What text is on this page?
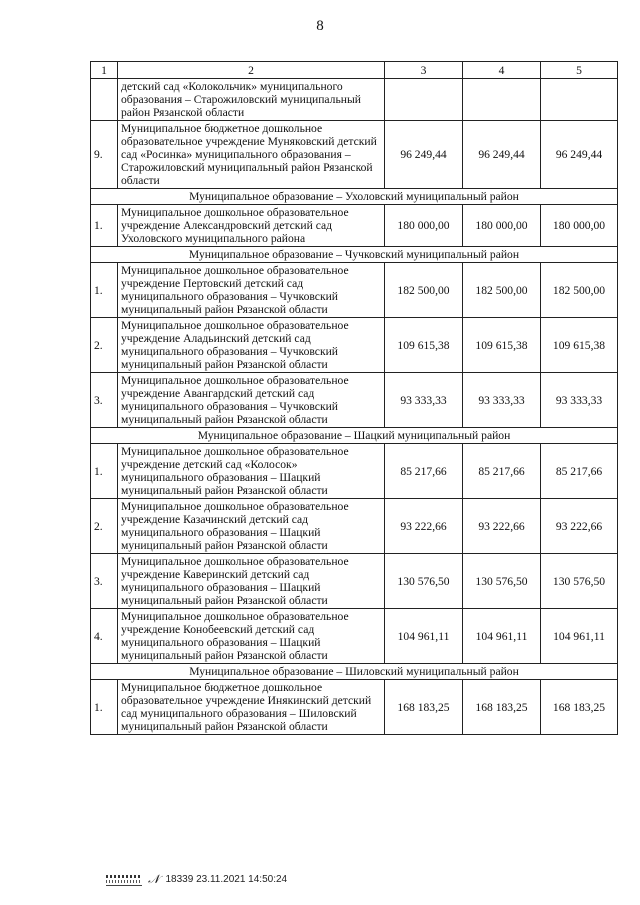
8
1	2	3	4	5
	детский сад «Колокольчик» муниципального образования – Старожиловский муниципальный район Рязанской области			
9.	Муниципальное бюджетное дошкольное образовательное учреждение Муняковский детский сад «Росинка» муниципального образования – Старожиловский муниципальный район Рязанской области	96 249,44	96 249,44	96 249,44
Муниципальное образование – Ухоловский муниципальный район				
1.	Муниципальное дошкольное образовательное учреждение Александровский детский сад Ухоловского муниципального района	180 000,00	180 000,00	180 000,00
Муниципальное образование – Чучковский муниципальный район				
1.	Муниципальное дошкольное образовательное учреждение Пертовский детский сад муниципального образования – Чучковский муниципальный район Рязанской области	182 500,00	182 500,00	182 500,00
2.	Муниципальное дошкольное образовательное учреждение Аладьинский детский сад муниципального образования – Чучковский муниципальный район Рязанской области	109 615,38	109 615,38	109 615,38
3.	Муниципальное дошкольное образовательное учреждение Авангардский детский сад муниципального образования – Чучковский муниципальный район Рязанской области	93 333,33	93 333,33	93 333,33
Муниципальное образование – Шацкий муниципальный район				
1.	Муниципальное дошкольное образовательное учреждение детский сад «Колосок» муниципального образования – Шацкий муниципальный район Рязанской области	85 217,66	85 217,66	85 217,66
2.	Муниципальное дошкольное образовательное учреждение Казачинский детский сад муниципального образования – Шацкий муниципальный район Рязанской области	93 222,66	93 222,66	93 222,66
3.	Муниципальное дошкольное образовательное учреждение Каверинский детский сад муниципального образования – Шацкий муниципальный район Рязанской области	130 576,50	130 576,50	130 576,50
4.	Муниципальное дошкольное образовательное учреждение Конобеевский детский сад муниципального образования – Шацкий муниципальный район Рязанской области	104 961,11	104 961,11	104 961,11
Муниципальное образование – Шиловский муниципальный район				
1.	Муниципальное бюджетное дошкольное образовательное учреждение Инякинский детский сад муниципального образования – Шиловский муниципальный район Рязанской области	168 183,25	168 183,25	168 183,25
𝒩 18339 23.11.2021 14:50:24
